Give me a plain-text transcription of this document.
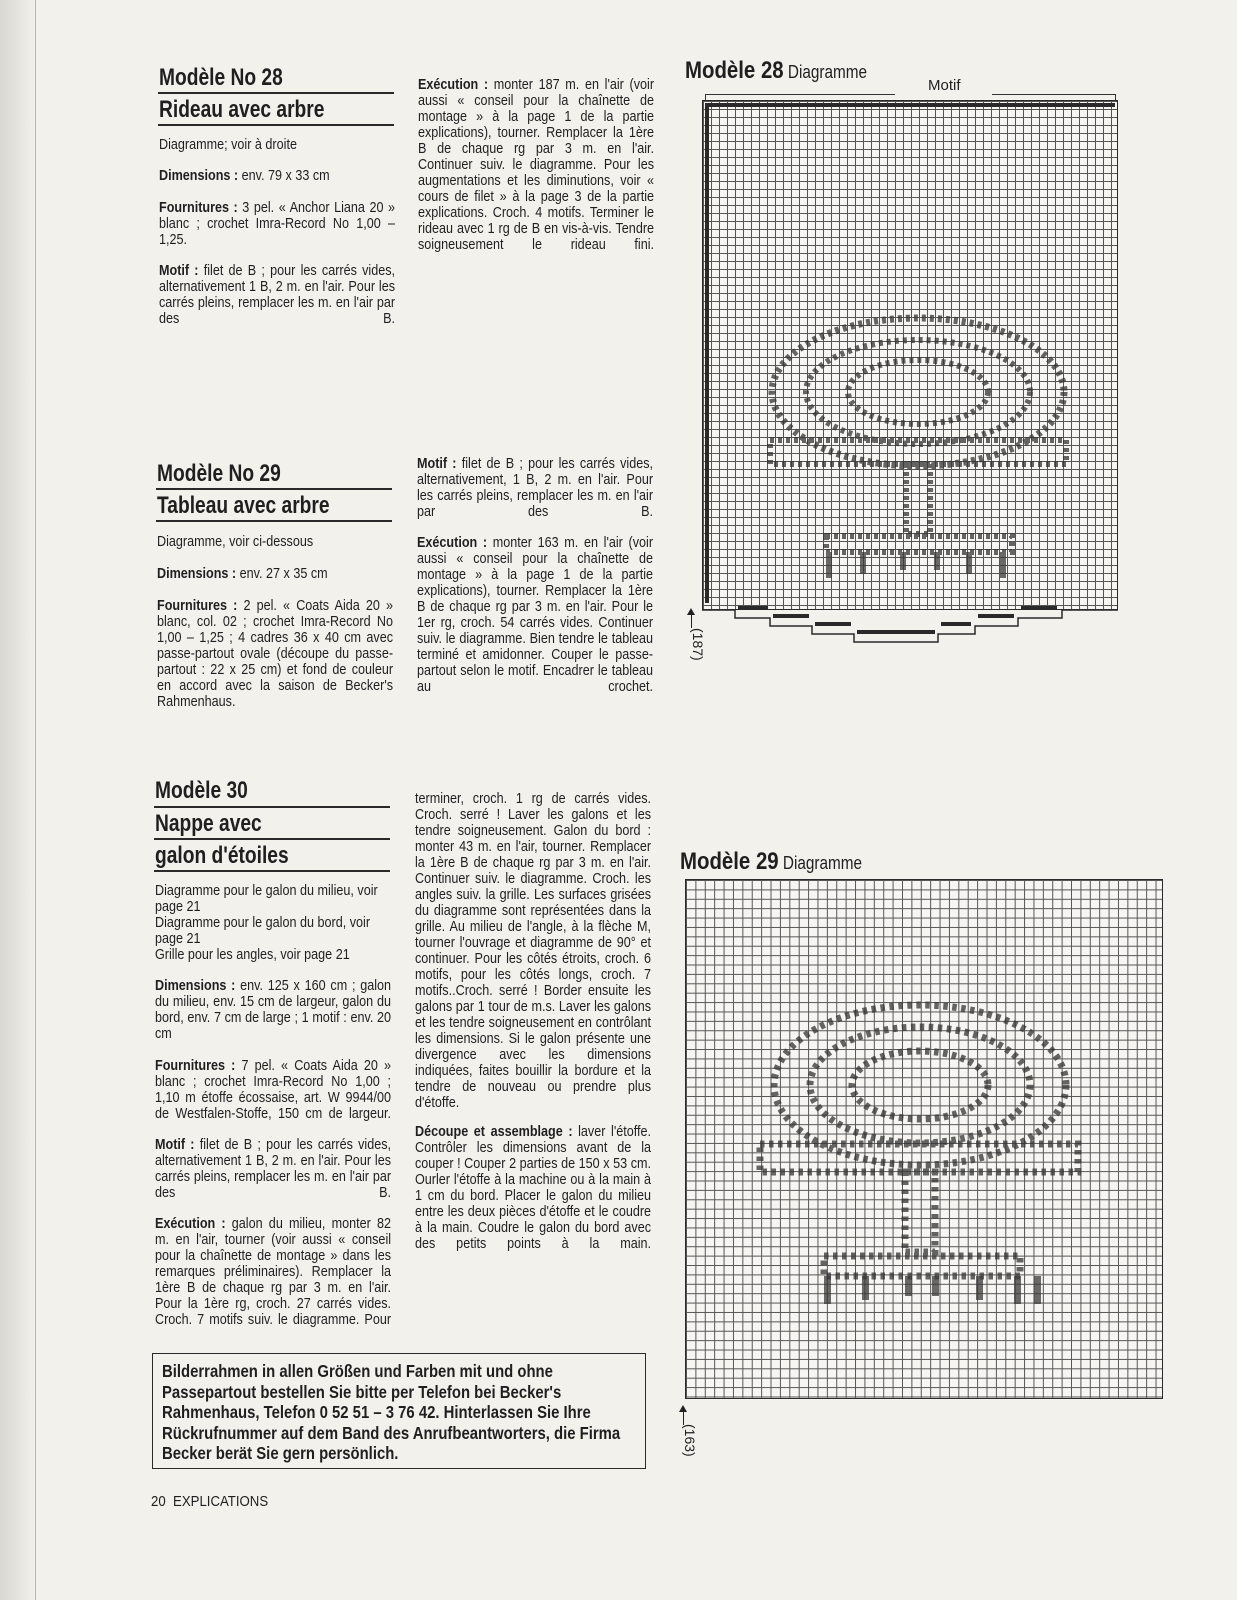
Modèle No 28
Rideau avec arbre

Diagramme; voir à droite

Dimensions : env. 79 x 33 cm

Fournitures : 3 pel. « Anchor Liana 20 » blanc ; crochet Imra-Record No 1,00 – 1,25.

Motif : filet de B ; pour les carrés vides, alternativement 1 B, 2 m. en l'air. Pour les carrés pleins, remplacer les m. en l'air par des B.

Exécution : monter 187 m. en l'air (voir aussi « conseil pour la chaînette de montage » à la page 1 de la partie explications), tourner. Remplacer la 1ère B de chaque rg par 3 m. en l'air. Continuer suiv. le diagramme. Pour les augmentations et les diminutions, voir « cours de filet » à la page 3 de la partie explications. Croch. 4 motifs. Terminer le rideau avec 1 rg de B en vis-à-vis. Tendre soigneusement le rideau fini.

Modèle No 29
Tableau avec arbre

Diagramme, voir ci-dessous

Dimensions : env. 27 x 35 cm

Fournitures : 2 pel. « Coats Aida 20 » blanc, col. 02 ; crochet Imra-Record No 1,00 – 1,25 ; 4 cadres 36 x 40 cm avec passe-partout ovale (découpe du passe-partout : 22 x 25 cm) et fond de couleur en accord avec la saison de Becker's Rahmenhaus.

Motif : filet de B ; pour les carrés vides, alternativement, 1 B, 2 m. en l'air. Pour les carrés pleins, remplacer les m. en l'air par des B.

Exécution : monter 163 m. en l'air (voir aussi « conseil pour la chaînette de montage » à la page 1 de la partie explications), tourner. Remplacer la 1ère B de chaque rg par 3 m. en l'air. Pour le 1er rg, croch. 54 carrés vides. Continuer suiv. le diagramme. Bien tendre le tableau terminé et amidonner. Couper le passe-partout selon le motif. Encadrer le tableau au crochet.

Modèle 30
Nappe avec
galon d'étoiles

Diagramme pour le galon du milieu, voir page 21

Diagramme pour le galon du bord, voir page 21

Grille pour les angles, voir page 21

Dimensions : env. 125 x 160 cm ; galon du milieu, env. 15 cm de largeur, galon du bord, env. 7 cm de large ; 1 motif : env. 20 cm

Fournitures : 7 pel. « Coats Aida 20 » blanc ; crochet Imra-Record No 1,00 ; 1,10 m étoffe écossaise, art. W 9944/00 de Westfalen-Stoffe, 150 cm de largeur.

Motif : filet de B ; pour les carrés vides, alternativement 1 B, 2 m. en l'air. Pour les carrés pleins, remplacer les m. en l'air par des B.

Exécution : galon du milieu, monter 82 m. en l'air, tourner (voir aussi « conseil pour la chaînette de montage » dans les remarques préliminaires). Remplacer la 1ère B de chaque rg par 3 m. en l'air. Pour la 1ère rg, croch. 27 carrés vides. Croch. 7 motifs suiv. le diagramme. Pour

terminer, croch. 1 rg de carrés vides. Croch. serré ! Laver les galons et les tendre soigneusement. Galon du bord : monter 43 m. en l'air, tourner. Remplacer la 1ère B de chaque rg par 3 m. en l'air. Continuer suiv. le diagramme. Croch. les angles suiv. la grille. Les surfaces grisées du diagramme sont représentées dans la grille. Au milieu de l'angle, à la flèche M, tourner l'ouvrage et diagramme de 90° et continuer. Pour les côtés étroits, croch. 6 motifs, pour les côtés longs, croch. 7 motifs..Croch. serré ! Border ensuite les galons par 1 tour de m.s. Laver les galons et les tendre soigneusement en contrôlant les dimensions. Si le galon présente une divergence avec les dimensions indiquées, faites bouillir la bordure et la tendre de nouveau ou prendre plus d'étoffe.

Découpe et assemblage : laver l'étoffe. Contrôler les dimensions avant de la couper ! Couper 2 parties de 150 x 53 cm. Ourler l'étoffe à la machine ou à la main à 1 cm du bord. Placer le galon du milieu entre les deux pièces d'étoffe et le coudre à la main. Coudre le galon du bord avec des petits points à la main.

Bilderrahmen in allen Größen und Farben mit und ohne Passepartout bestellen Sie bitte per Telefon bei Becker's Rahmenhaus, Telefon 0 52 51 – 3 76 42. Hinterlassen Sie Ihre Rückrufnummer auf dem Band des Anrufbeantworters, die Firma Becker berät Sie gern persönlich.

20 EXPLICATIONS
Modèle 28 Diagramme
Motif
(187)
Modèle 29 Diagramme
(163)
